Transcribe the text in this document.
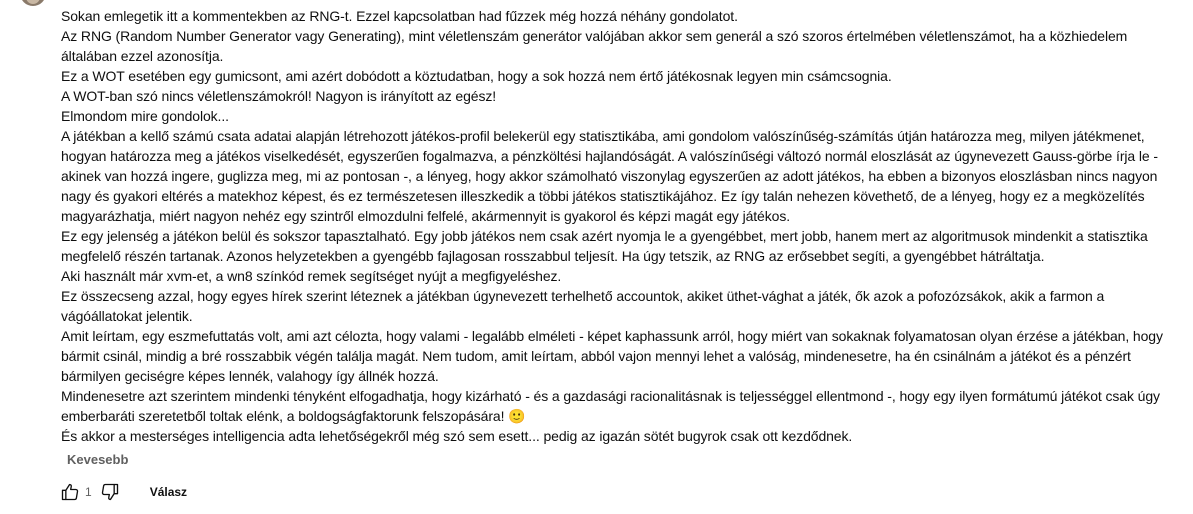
Sokan emlegetik itt a kommentekben az RNG-t. Ezzel kapcsolatban had fűzzek még hozzá néhány gondolatot.

Az RNG (Random Number Generator vagy Generating), mint véletlenszám generátor valójában akkor sem generál a szó szoros értelmében véletlenszámot, ha a közhiedelem általában ezzel azonosítja.

Ez a WOT esetében egy gumicsont, ami azért dobódott a köztudatban, hogy a sok hozzá nem értő játékosnak legyen min csámcsognia.

A WOT-ban szó nincs véletlenszámokról! Nagyon is irányított az egész!

Elmondom mire gondolok...

A játékban a kellő számú csata adatai alapján létrehozott játékos-profil belekerül egy statisztikába, ami gondolom valószínűség-számítás útján határozza meg, milyen játékmenet, hogyan határozza meg a játékos viselkedését, egyszerűen fogalmazva, a pénzköltési hajlandóságát. A valószínűségi változó normál eloszlását az úgynevezett Gauss-görbe írja le - akinek van hozzá ingere, guglizza meg, mi az pontosan -, a lényeg, hogy akkor számolható viszonylag egyszerűen az adott játékos, ha ebben a bizonyos eloszlásban nincs nagyon nagy és gyakori eltérés a matekhoz képest, és ez természetesen illeszkedik a többi játékos statisztikájához. Ez így talán nehezen követhető, de a lényeg, hogy ez a megközelítés magyarázhatja, miért nagyon nehéz egy szintről elmozdulni felfelé, akármennyit is gyakorol és képzi magát egy játékos.

Ez egy jelenség a játékon belül és sokszor tapasztalható. Egy jobb játékos nem csak azért nyomja le a gyengébbet, mert jobb, hanem mert az algoritmusok mindenkit a statisztika megfelelő részén tartanak. Azonos helyzetekben a gyengébb fajlagosan rosszabbul teljesít. Ha úgy tetszik, az RNG az erősebbet segíti, a gyengébbet hátráltatja.

Aki használt már xvm-et, a wn8 színkód remek segítséget nyújt a megfigyeléshez.

Ez összecseng azzal, hogy egyes hírek szerint léteznek a játékban úgynevezett terhelhető accountok, akiket üthet-vághat a játék, ők azok a pofozózsákok, akik a farmon a vágóállatokat jelentik.

Amit leírtam, egy eszmefuttatás volt, ami azt célozta, hogy valami - legalább elméleti - képet kaphassunk arról, hogy miért van sokaknak folyamatosan olyan érzése a játékban, hogy bármit csinál, mindig a bré rosszabbik végén találja magát. Nem tudom, amit leírtam, abból vajon mennyi lehet a valóság, mindenesetre, ha én csinálnám a játékot és a pénzért bármilyen geciségre képes lennék, valahogy így állnék hozzá.

Mindenesetre azt szerintem mindenki tényként elfogadhatja, hogy kizárható - és a gazdasági racionalitásnak is teljességgel ellentmond -, hogy egy ilyen formátumú játékot csak úgy emberbaráti szeretetből toltak elénk, a boldogságfaktorunk felszopására! 🙂

És akkor a mesterséges intelligencia adta lehetőségekről még szó sem esett... pedig az igazán sötét bugyrok csak ott kezdődnek.

Kevesebb
1	Válasz
